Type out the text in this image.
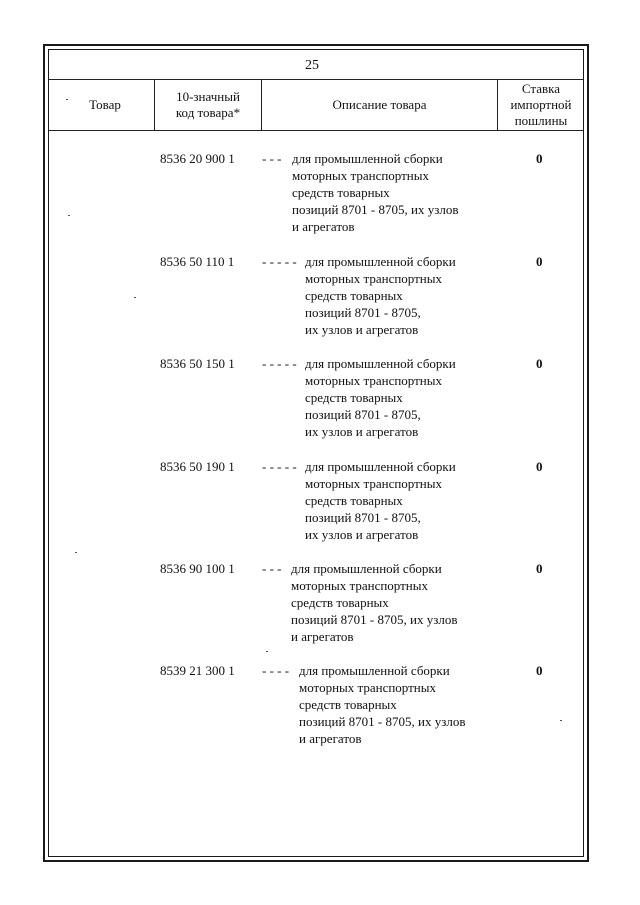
25
Товар
10-значный
код товара*
Описание товара
Ставка
импортной
пошлины
8536 20 900 1 - - - для промышленной сборки
моторных транспортных
средств товарных
позиций 8701 - 8705, их узлов
и агрегатов
0
8536 50 110 1 - - - - - для промышленной сборки
моторных транспортных
средств товарных
позиций 8701 - 8705,
их узлов и агрегатов
0
8536 50 150 1 - - - - - для промышленной сборки
моторных транспортных
средств товарных
позиций 8701 - 8705,
их узлов и агрегатов
0
8536 50 190 1 - - - - - для промышленной сборки
моторных транспортных
средств товарных
позиций 8701 - 8705,
их узлов и агрегатов
0
8536 90 100 1 - - - для промышленной сборки
моторных транспортных
средств товарных
позиций 8701 - 8705, их узлов
и агрегатов
0
8539 21 300 1 - - - - для промышленной сборки
моторных транспортных
средств товарных
позиций 8701 - 8705, их узлов
и агрегатов
0
